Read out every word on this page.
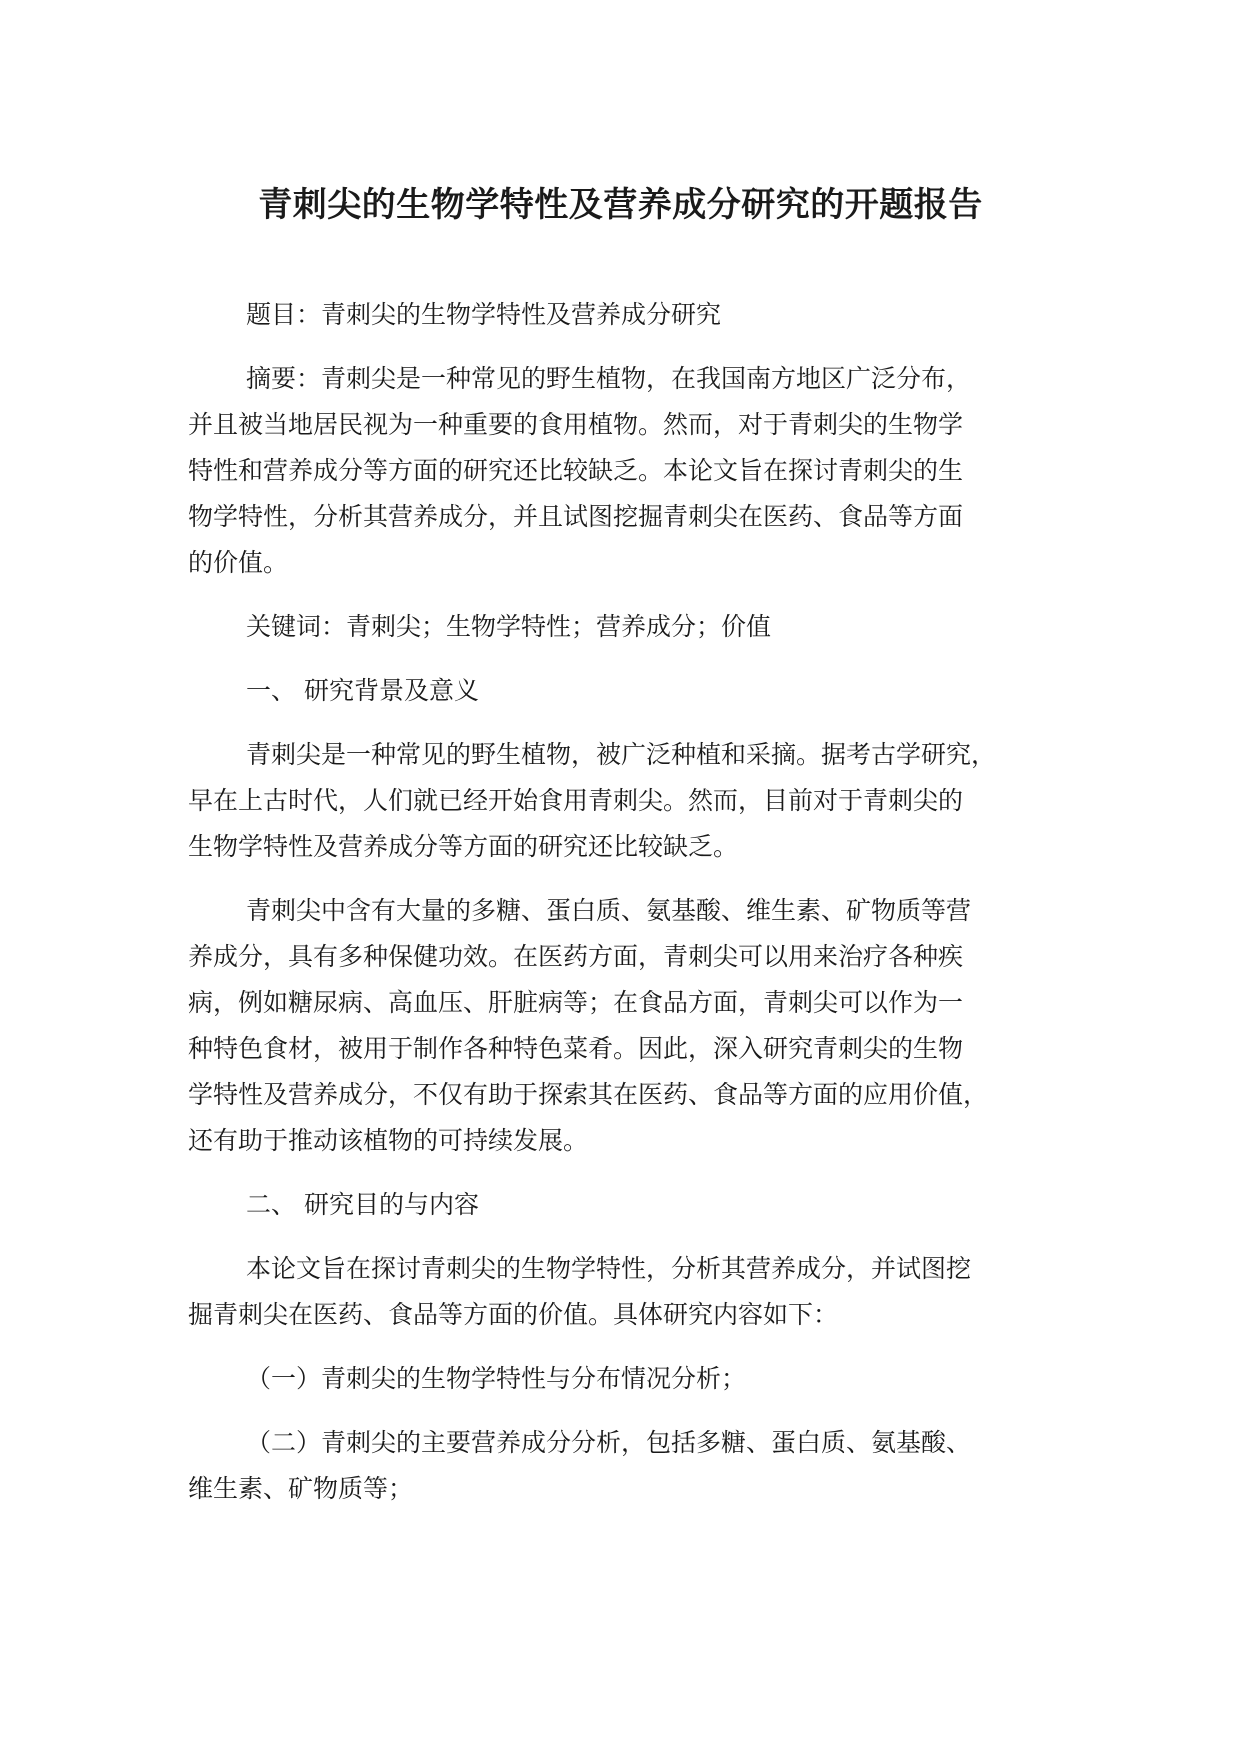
青刺尖的生物学特性及营养成分研究的开题报告
题目：青刺尖的生物学特性及营养成分研究
摘要：青刺尖是一种常见的野生植物，在我国南方地区广泛分布，
并且被当地居民视为一种重要的食用植物。然而，对于青刺尖的生物学
特性和营养成分等方面的研究还比较缺乏。本论文旨在探讨青刺尖的生
物学特性，分析其营养成分，并且试图挖掘青刺尖在医药、食品等方面
的价值。
关键词：青刺尖；生物学特性；营养成分；价值
一、 研究背景及意义
青刺尖是一种常见的野生植物，被广泛种植和采摘。据考古学研究，
早在上古时代，人们就已经开始食用青刺尖。然而，目前对于青刺尖的
生物学特性及营养成分等方面的研究还比较缺乏。
青刺尖中含有大量的多糖、蛋白质、氨基酸、维生素、矿物质等营
养成分，具有多种保健功效。在医药方面，青刺尖可以用来治疗各种疾
病，例如糖尿病、高血压、肝脏病等；在食品方面，青刺尖可以作为一
种特色食材，被用于制作各种特色菜肴。因此，深入研究青刺尖的生物
学特性及营养成分，不仅有助于探索其在医药、食品等方面的应用价值，
还有助于推动该植物的可持续发展。
二、 研究目的与内容
本论文旨在探讨青刺尖的生物学特性，分析其营养成分，并试图挖
掘青刺尖在医药、食品等方面的价值。具体研究内容如下：
（一）青刺尖的生物学特性与分布情况分析；
（二）青刺尖的主要营养成分分析，包括多糖、蛋白质、氨基酸、
维生素、矿物质等；
